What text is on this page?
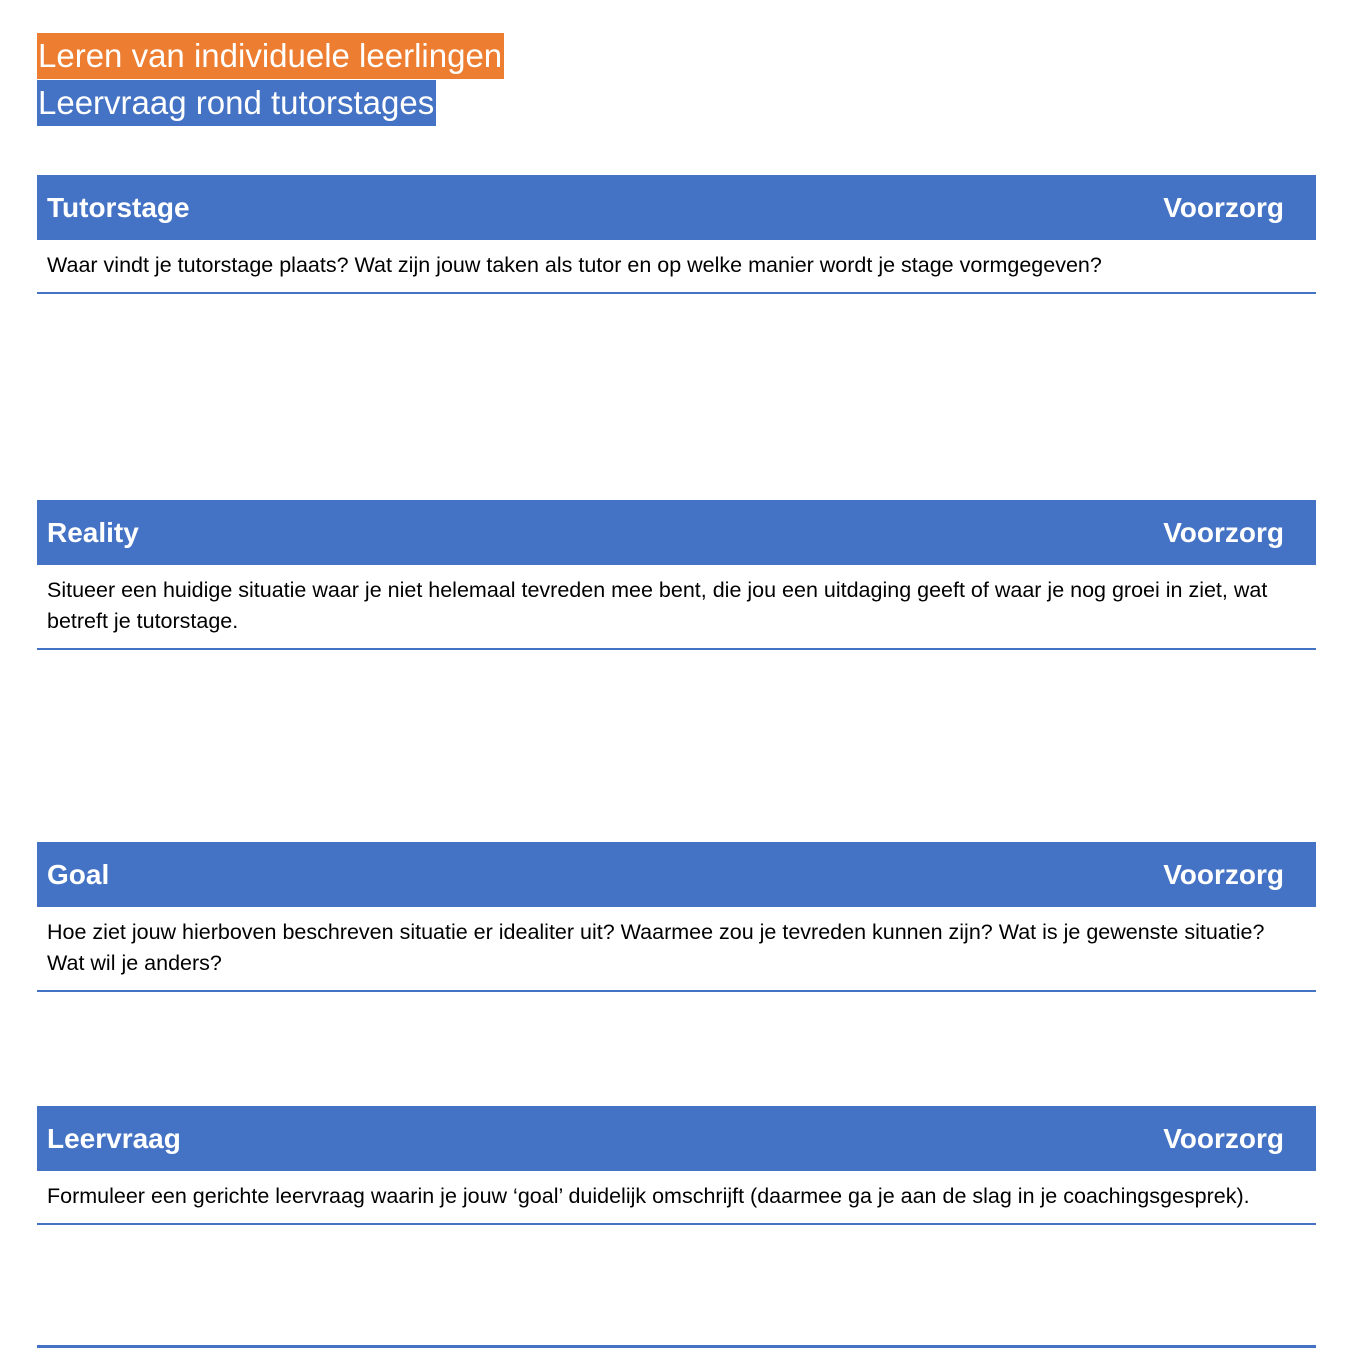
Leren van individuele leerlingen
Leervraag rond tutorstages
Tutorstage	Voorzorg
Waar vindt je tutorstage plaats? Wat zijn jouw taken als tutor en op welke manier wordt je stage vormgegeven?
Reality	Voorzorg
Situeer een huidige situatie waar je niet helemaal tevreden mee bent, die jou een uitdaging geeft of waar je nog groei in ziet, wat betreft je tutorstage.
Goal	Voorzorg
Hoe ziet jouw hierboven beschreven situatie er idealiter uit? Waarmee zou je tevreden kunnen zijn? Wat is je gewenste situatie? Wat wil je anders?
Leervraag	Voorzorg
Formuleer een gerichte leervraag waarin je jouw ‘goal’ duidelijk omschrijft (daarmee ga je aan de slag in je coachingsgesprek).
